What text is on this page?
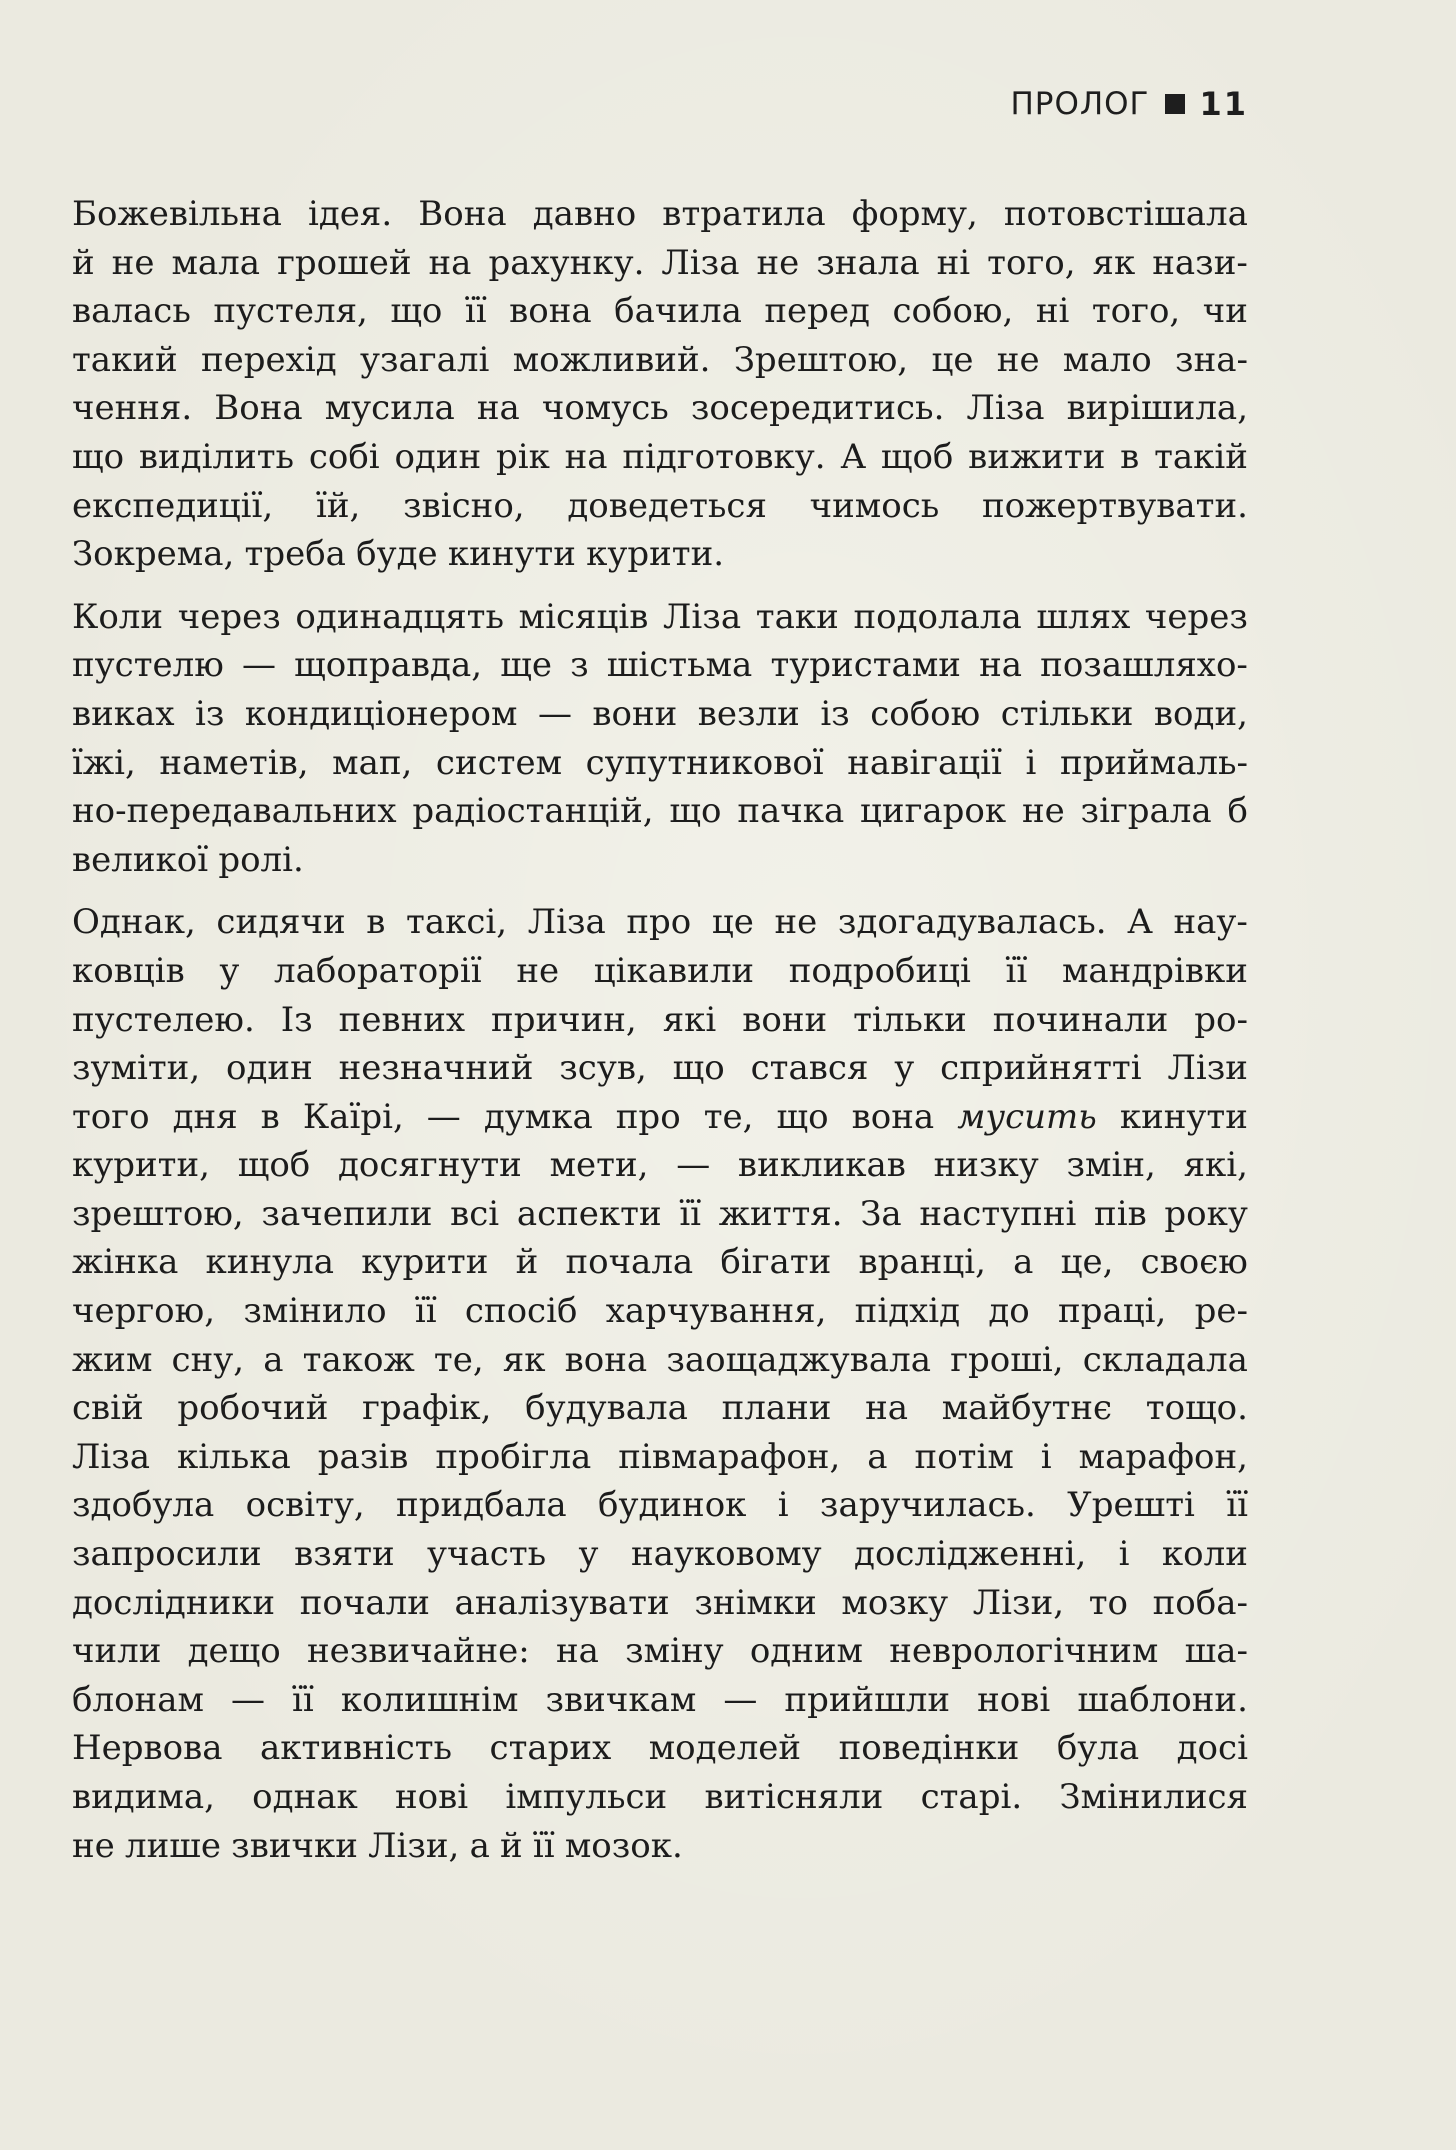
ПРОЛОГ 11
Божевільна ідея. Вона давно втратила форму, потовстішала
й не мала грошей на рахунку. Ліза не знала ні того, як нази-
валась пустеля, що її вона бачила перед собою, ні того, чи
такий перехід узагалі можливий. Зрештою, це не мало зна-
чення. Вона мусила на чомусь зосередитись. Ліза вирішила,
що виділить собі один рік на підготовку. А щоб вижити в такій
експедиції, їй, звісно, доведеться чимось пожертвувати.
Зокрема, треба буде кинути курити.
Коли через одинадцять місяців Ліза таки подолала шлях через
пустелю — щоправда, ще з шістьма туристами на позашляхо-
виках із кондиціонером — вони везли із собою стільки води,
їжі, наметів, мап, систем супутникової навігації і приймаль-
но-передавальних радіостанцій, що пачка цигарок не зіграла б
великої ролі.
Однак, сидячи в таксі, Ліза про це не здогадувалась. А нау-
ковців у лабораторії не цікавили подробиці її мандрівки
пустелею. Із певних причин, які вони тільки починали ро-
зуміти, один незначний зсув, що стався у сприйнятті Лізи
того дня в Каїрі, — думка про те, що вона мусить кинути
курити, щоб досягнути мети, — викликав низку змін, які,
зрештою, зачепили всі аспекти її життя. За наступні пів року
жінка кинула курити й почала бігати вранці, а це, своєю
чергою, змінило її спосіб харчування, підхід до праці, ре-
жим сну, а також те, як вона заощаджувала гроші, складала
свій робочий графік, будувала плани на майбутнє тощо.
Ліза кілька разів пробігла півмарафон, а потім і марафон,
здобула освіту, придбала будинок і заручилась. Урешті її
запросили взяти участь у науковому дослідженні, і коли
дослідники почали аналізувати знімки мозку Лізи, то поба-
чили дещо незвичайне: на зміну одним неврологічним ша-
блонам — її колишнім звичкам — прийшли нові шаблони.
Нервова активність старих моделей поведінки була досі
видима, однак нові імпульси витісняли старі. Змінилися
не лише звички Лізи, а й її мозок.
